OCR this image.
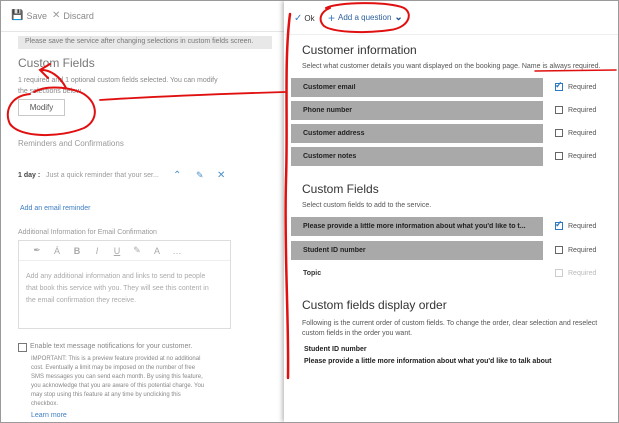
💾 Save ✕ Discard
Please save the service after changing selections in custom fields screen.
Custom Fields
1 required and 1 optional custom fields selected. You can modify
the selections below.
Modify
Reminders and Confirmations
1 day : Just a quick reminder that your ser... ⌃ ✎ ✕
Add an email reminder
Additional Information for Email Confirmation
✒	Á	B	I	U	✎	A	…
Add any additional information and links to send to people
that book this service with you. They will see this content in
the email confirmation they receive.
Enable text message notifications for your customer.
IMPORTANT: This is a preview feature provided at no additional
cost. Eventually a limit may be imposed on the number of free
SMS messages you can send each month. By using this feature,
you acknowledge that you are aware of this potential charge. You
may stop using this feature at any time by unclicking this
checkbox.
Learn more
✓ Ok + Add a question ⌄
Customer information
Select what customer details you want displayed on the booking page. Name is always required.
Customer email ✓	Required
Phone number	Required
Customer address	Required
Customer notes	Required
Custom Fields
Select custom fields to add to the service.
Please provide a little more information about what you'd like to t... ✓	Required
Student ID number	Required
Topic	Required
Custom fields display order
Following is the current order of custom fields. To change the order, clear selection and reselect
custom fields in the order you want.
Student ID number
Please provide a little more information about what you'd like to talk about
